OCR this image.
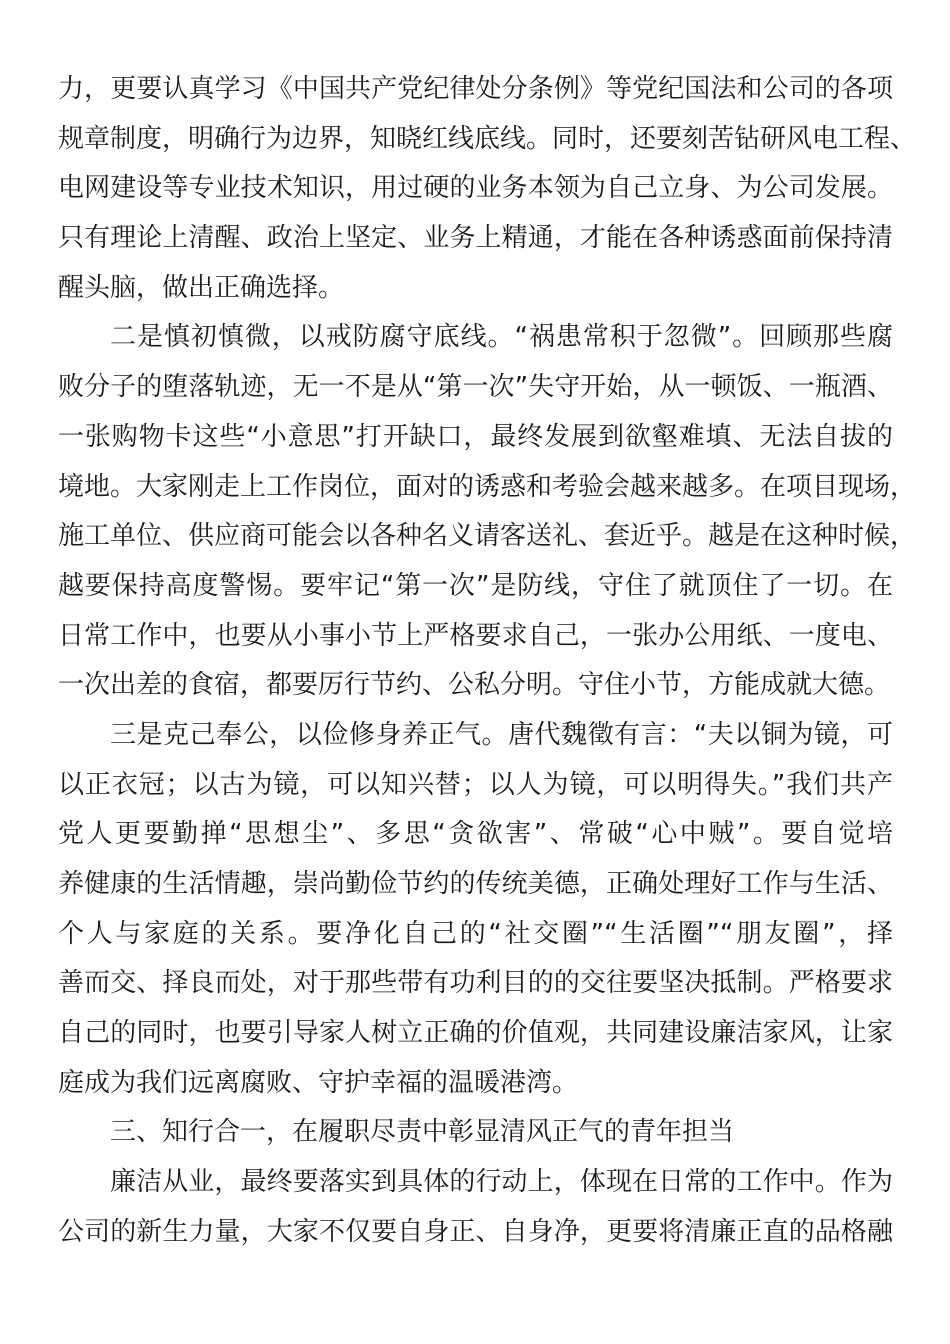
力，更要认真学习《中国共产党纪律处分条例》等党纪国法和公司的各项
规章制度，明确行为边界，知晓红线底线。同时，还要刻苦钻研风电工程、
电网建设等专业技术知识，用过硬的业务本领为自己立身、为公司发展。
只有理论上清醒、政治上坚定、业务上精通，才能在各种诱惑面前保持清
醒头脑，做出正确选择。
二是慎初慎微，以戒防腐守底线。“祸患常积于忽微”。回顾那些腐
败分子的堕落轨迹，无一不是从“第一次”失守开始，从一顿饭、一瓶酒、
一张购物卡这些“小意思”打开缺口，最终发展到欲壑难填、无法自拔的
境地。大家刚走上工作岗位，面对的诱惑和考验会越来越多。在项目现场，
施工单位、供应商可能会以各种名义请客送礼、套近乎。越是在这种时候，
越要保持高度警惕。要牢记“第一次”是防线，守住了就顶住了一切。在
日常工作中，也要从小事小节上严格要求自己，一张办公用纸、一度电、
一次出差的食宿，都要厉行节约、公私分明。守住小节，方能成就大德。
三是克己奉公，以俭修身养正气。唐代魏徵有言：“夫以铜为镜，可
以正衣冠；以古为镜，可以知兴替；以人为镜，可以明得失。”我们共产
党人更要勤掸“思想尘”、多思“贪欲害”、常破“心中贼”。要自觉培
养健康的生活情趣，崇尚勤俭节约的传统美德，正确处理好工作与生活、
个人与家庭的关系。要净化自己的“社交圈”“生活圈”“朋友圈”，择
善而交、择良而处，对于那些带有功利目的的交往要坚决抵制。严格要求
自己的同时，也要引导家人树立正确的价值观，共同建设廉洁家风，让家
庭成为我们远离腐败、守护幸福的温暖港湾。
三、知行合一，在履职尽责中彰显清风正气的青年担当
廉洁从业，最终要落实到具体的行动上，体现在日常的工作中。作为
公司的新生力量，大家不仅要自身正、自身净，更要将清廉正直的品格融
